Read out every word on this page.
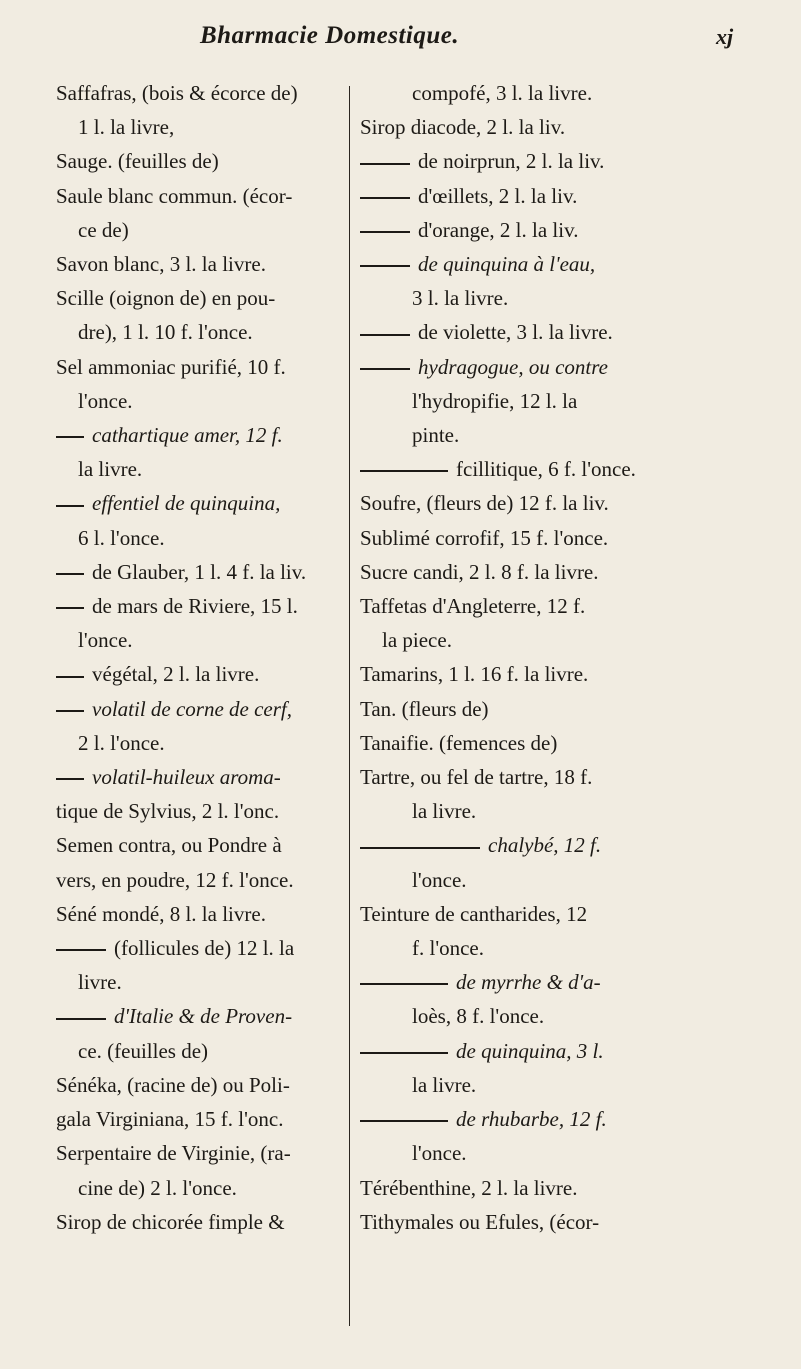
Bharmacie Domestique.	xj
Saffafras, (bois & écorce de)
1 l. la livre,
Sauge. (feuilles de)
Saule blanc commun. (écor-
ce de)
Savon blanc, 3 l. la livre.
Scille (oignon de) en pou-
dre), 1 l. 10 f. l'once.
Sel ammoniac purifié, 10 f.
l'once.
cathartique amer, 12 f.
la livre.
effentiel de quinquina,
6 l. l'once.
de Glauber, 1 l. 4 f. la liv.
de mars de Riviere, 15 l.
l'once.
végétal, 2 l. la livre.
volatil de corne de cerf,
2 l. l'once.
volatil-huileux aroma-
tique de Sylvius, 2 l. l'onc.
Semen contra, ou Pondre à
vers, en poudre, 12 f. l'once.
Séné mondé, 8 l. la livre.
(follicules de) 12 l. la
livre.
d'Italie & de Proven-
ce. (feuilles de)
Sénéka, (racine de) ou Poli-
gala Virginiana, 15 f. l'onc.
Serpentaire de Virginie, (ra-
cine de) 2 l. l'once.
Sirop de chicorée fimple &
compofé, 3 l. la livre.
Sirop diacode, 2 l. la liv.
de noirprun, 2 l. la liv.
d'œillets, 2 l. la liv.
d'orange, 2 l. la liv.
de quinquina à l'eau,
3 l. la livre.
de violette, 3 l. la livre.
hydragogue, ou contre
l'hydropifie, 12 l. la
pinte.
fcillitique, 6 f. l'once.
Soufre, (fleurs de) 12 f. la liv.
Sublimé corrofif, 15 f. l'once.
Sucre candi, 2 l. 8 f. la livre.
Taffetas d'Angleterre, 12 f.
la piece.
Tamarins, 1 l. 16 f. la livre.
Tan. (fleurs de)
Tanaifie. (femences de)
Tartre, ou fel de tartre, 18 f.
la livre.
chalybé, 12 f.
l'once.
Teinture de cantharides, 12
f. l'once.
de myrrhe & d'a-
loès, 8 f. l'once.
de quinquina, 3 l.
la livre.
de rhubarbe, 12 f.
l'once.
Térébenthine, 2 l. la livre.
Tithymales ou Efules, (écor-
